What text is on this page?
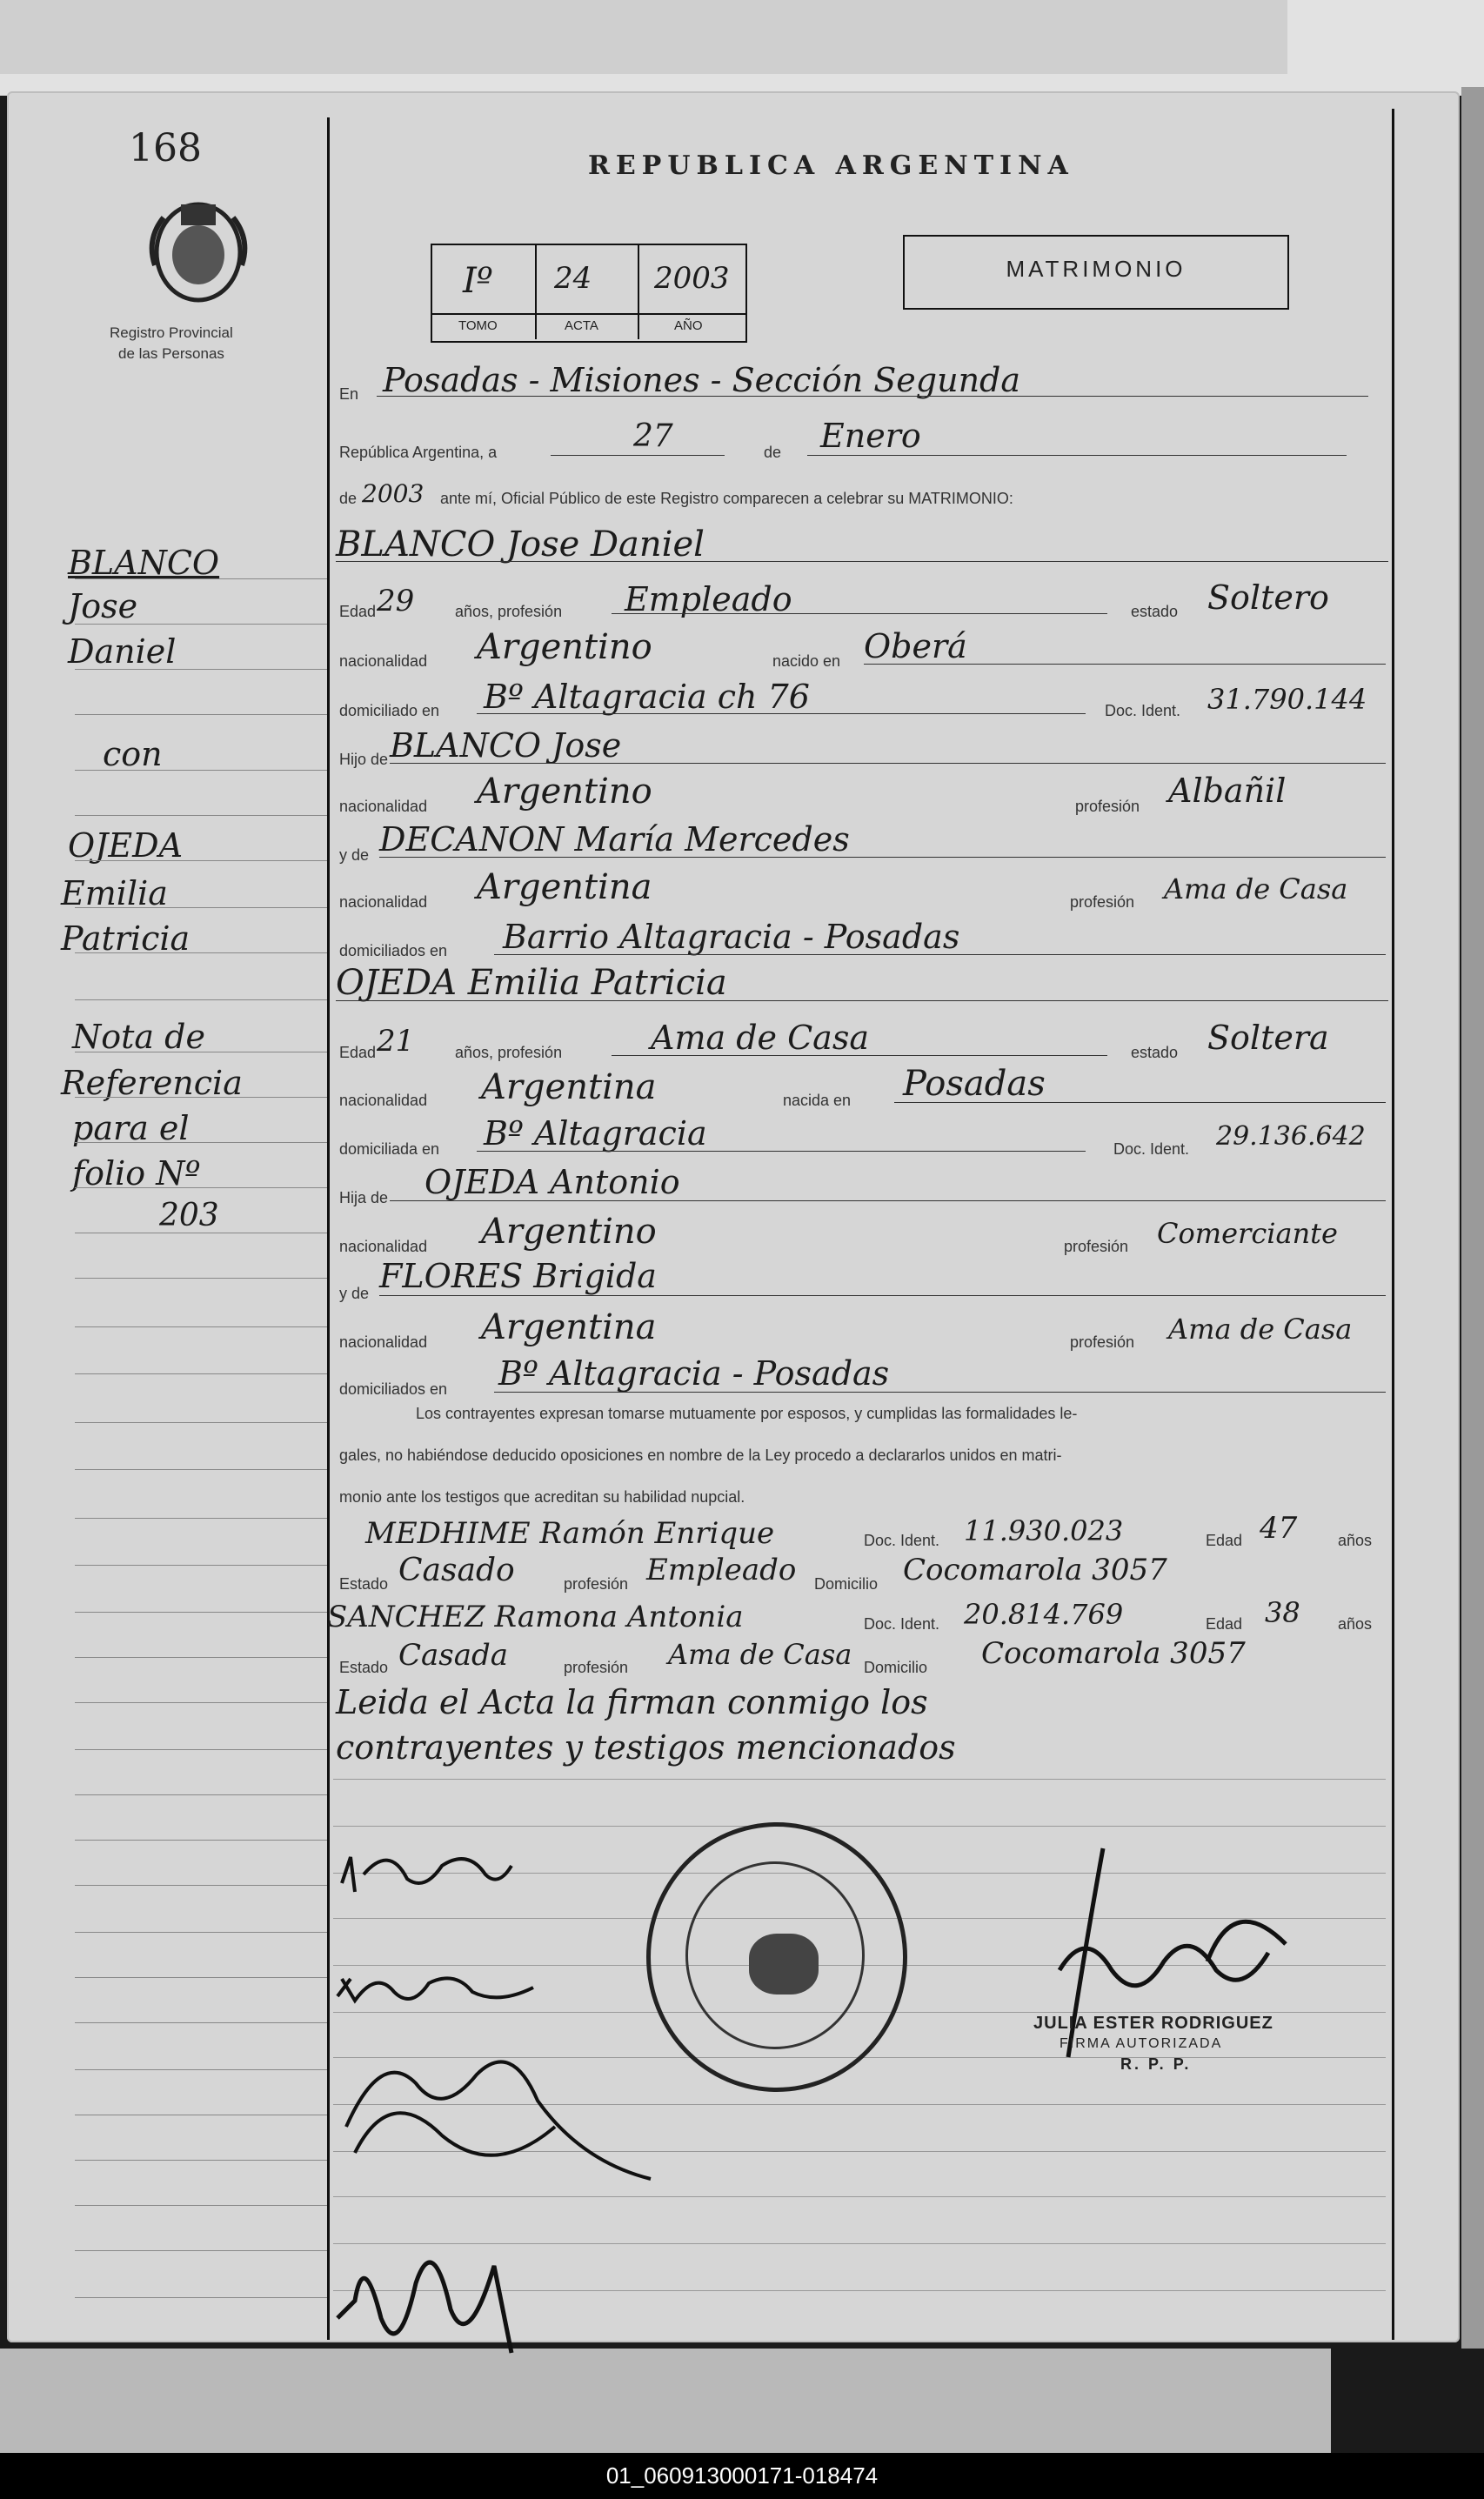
168
Registro Provincial
de las Personas
REPUBLICA ARGENTINA
Iº 24 2003
TOMO	ACTA	AÑO
MATRIMONIO
En Posadas - Misiones - Sección Segunda
República Argentina, a	27	de Enero
de 2003 ante mí, Oficial Público de este Registro comparecen a celebrar su MATRIMONIO:
BLANCO
Jose
Daniel
con
OJEDA
Emilia
Patricia
Nota de
Referencia
para el
folio Nº
203
BLANCO Jose Daniel
Edad 29	años, profesión Empleado	estado Soltero
nacionalidad Argentino	nacido en Oberá
domiciliado en Bº Altagracia ch 76	Doc. Ident. 31.790.144
Hijo de BLANCO Jose
nacionalidad Argentino	profesión Albañil
y de DECANON María Mercedes
nacionalidad Argentina	profesión Ama de Casa
domiciliados en Barrio Altagracia - Posadas
OJEDA Emilia Patricia
Edad 21	años, profesión	Ama de Casa	estado Soltera
nacionalidad Argentina	nacida en Posadas
domiciliada en Bº Altagracia	Doc. Ident. 29.136.642
Hija de OJEDA Antonio
nacionalidad Argentino	profesión Comerciante
y de FLORES Brigida
nacionalidad Argentina	profesión Ama de Casa
domiciliados en Bº Altagracia - Posadas
Los contrayentes expresan tomarse mutuamente por esposos, y cumplidas las formalidades le-
gales, no habiéndose deducido oposiciones en nombre de la Ley procedo a declararlos unidos en matri-
monio ante los testigos que acreditan su habilidad nupcial.
MEDHIME Ramón Enrique	Doc. Ident. 11.930.023	Edad 47	años
Estado Casado	profesión Empleado Domicilio Cocomarola 3057
SANCHEZ Ramona Antonia	Doc. Ident. 20.814.769	Edad 38 años
Estado Casada	profesión Ama de Casa Domicilio Cocomarola 3057
Leida el Acta la firman conmigo los
contrayentes y testigos mencionados
JULIA ESTER RODRIGUEZ
FIRMA AUTORIZADA
R. P. P.
01_060913000171-018474
